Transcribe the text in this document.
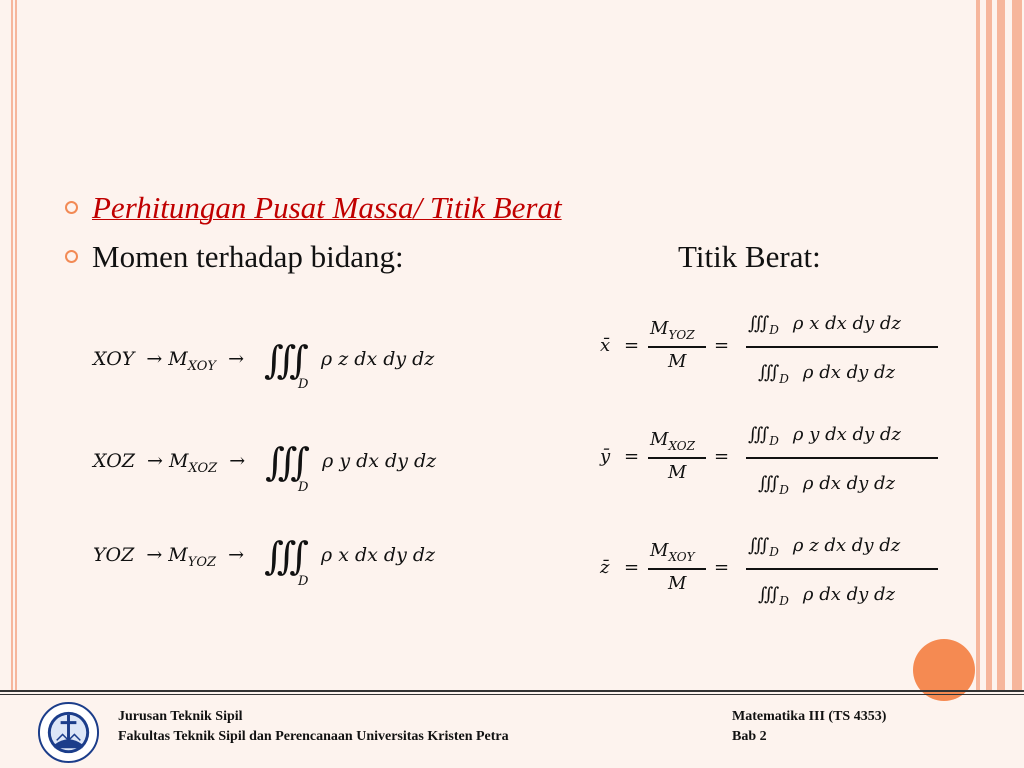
Perhitungan Pusat Massa/ Titik Berat
Momen terhadap bidang:	Titik Berat:
XOY → $M_{XOY}$ → ∭ ρ z dx dy dz
D
XOZ → $M_{XOZ}$ → ∭ ρ y dx dy dz
D
YOZ → $M_{YOZ}$ → ∭ ρ x dx dy dz
D
x̄ =
$M_{YOZ}$
M
=
$∭_D$ ρ x dx dy dz
$∭_D$ ρ dx dy dz
ȳ =
$M_{XOZ}$
M
=
$∭_D$ ρ y dx dy dz
$∭_D$ ρ dx dy dz
z̄ =
$M_{XOY}$
M
=
$∭_D$ ρ z dx dy dz
$∭_D$ ρ dx dy dz
Jurusan Teknik Sipil
Fakultas Teknik Sipil dan Perencanaan Universitas Kristen Petra
Matematika III (TS 4353)
Bab 2
